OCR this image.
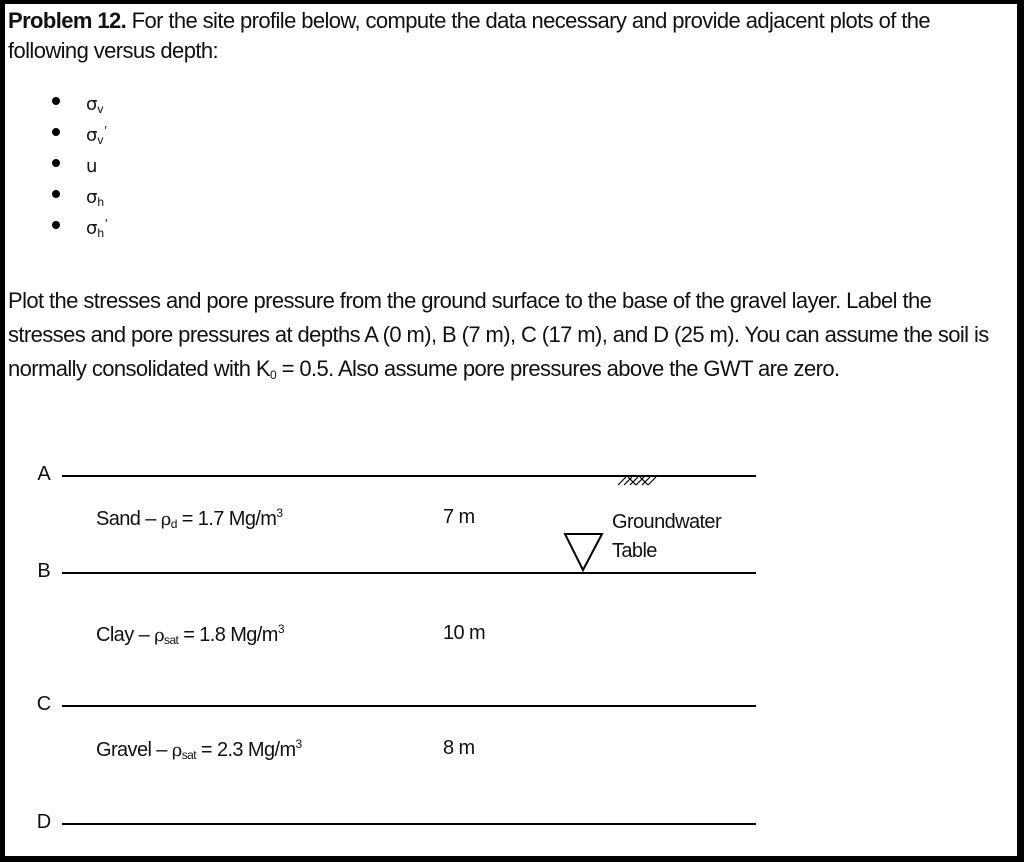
Problem 12. For the site profile below, compute the data necessary and provide adjacent plots of the following versus depth:
$\sigma_v$
$\sigma_v'$
u
$\sigma_h$
$\sigma_h'$
Plot the stresses and pore pressure from the ground surface to the base of the gravel layer. Label the stresses and pore pressures at depths A (0 m), B (7 m), C (17 m), and D (25 m). You can assume the soil is normally consolidated with $K_0 = 0.5$. Also assume pore pressures above the GWT are zero.
A
B
C
D
Sand – ρd = 1.7 $Mg/m^3$	7 m
Clay – ρsat = 1.8 $Mg/m^3$	10 m
Gravel – ρsat = 2.3 $Mg/m^3$	8 m
Groundwater
Table
